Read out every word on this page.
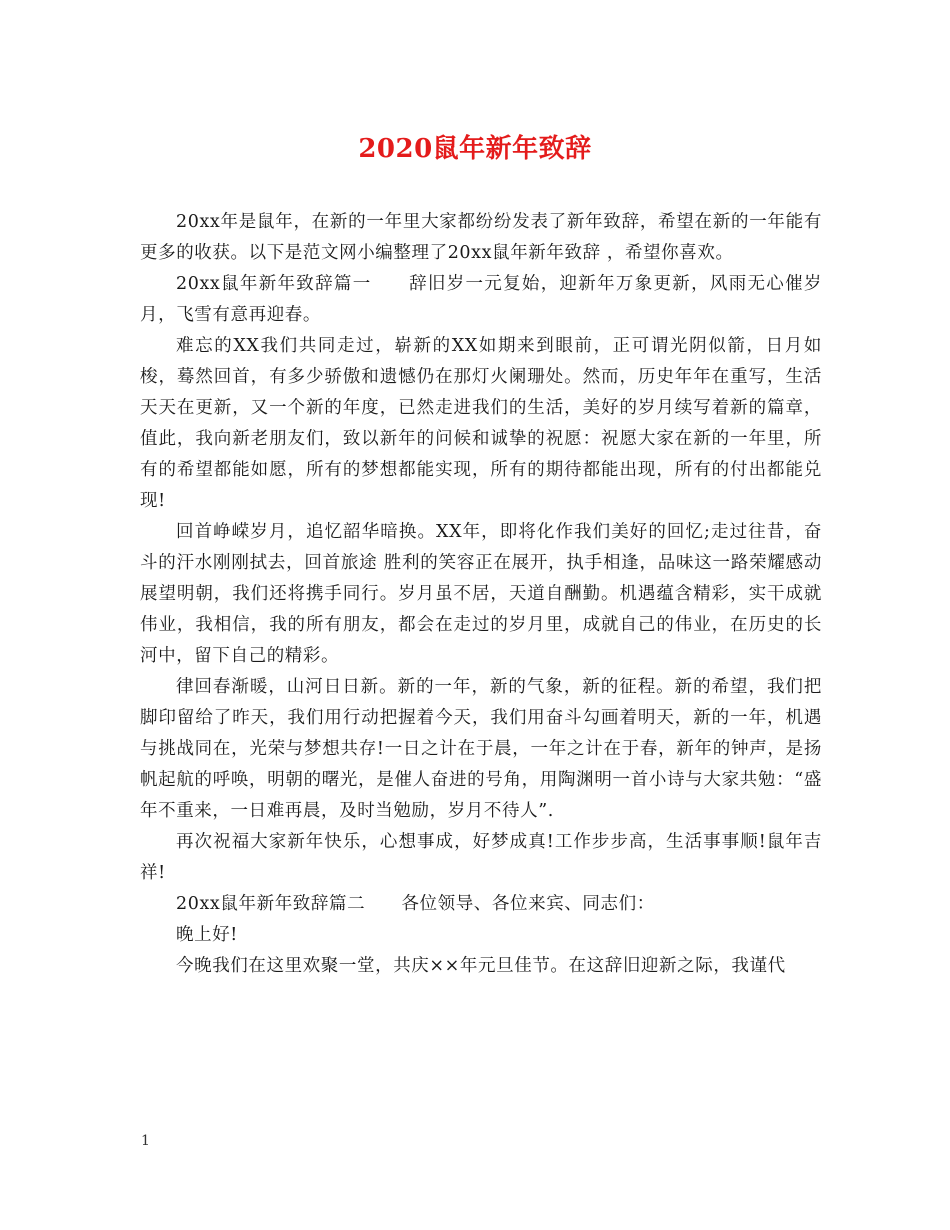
2020鼠年新年致辞

20xx年是鼠年，在新的一年里大家都纷纷发表了新年致辞，希望在新的一年能有更多的收获。以下是范文网小编整理了20xx鼠年新年致辞 ，希望你喜欢。

20xx鼠年新年致辞篇一　　辞旧岁一元复始，迎新年万象更新，风雨无心催岁月，飞雪有意再迎春。

难忘的XX我们共同走过，崭新的XX如期来到眼前，正可谓光阴似箭，日月如梭，蓦然回首，有多少骄傲和遗憾仍在那灯火阑珊处。然而，历史年年在重写，生活天天在更新，又一个新的年度，已然走进我们的生活，美好的岁月续写着新的篇章，值此，我向新老朋友们，致以新年的问候和诚挚的祝愿：祝愿大家在新的一年里，所有的希望都能如愿，所有的梦想都能实现，所有的期待都能出现，所有的付出都能兑现!

回首峥嵘岁月，追忆韶华暗换。XX年，即将化作我们美好的回忆;走过往昔，奋斗的汗水刚刚拭去，回首旅途 胜利的笑容正在展开，执手相逢，品味这一路荣耀感动 展望明朝，我们还将携手同行。岁月虽不居，天道自酬勤。机遇蕴含精彩，实干成就伟业，我相信，我的所有朋友，都会在走过的岁月里，成就自己的伟业，在历史的长河中，留下自己的精彩。

律回春渐暖，山河日日新。新的一年，新的气象，新的征程。新的希望，我们把脚印留给了昨天，我们用行动把握着今天，我们用奋斗勾画着明天，新的一年，机遇与挑战同在，光荣与梦想共存!一日之计在于晨，一年之计在于春，新年的钟声，是扬帆起航的呼唤，明朝的曙光，是催人奋进的号角，用陶渊明一首小诗与大家共勉：“盛年不重来，一日难再晨，及时当勉励，岁月不待人”.

再次祝福大家新年快乐，心想事成，好梦成真!工作步步高，生活事事顺!鼠年吉祥!

20xx鼠年新年致辞篇二　　各位领导、各位来宾、同志们：

晚上好!

今晚我们在这里欢聚一堂，共庆××年元旦佳节。在这辞旧迎新之际，我谨代

1
